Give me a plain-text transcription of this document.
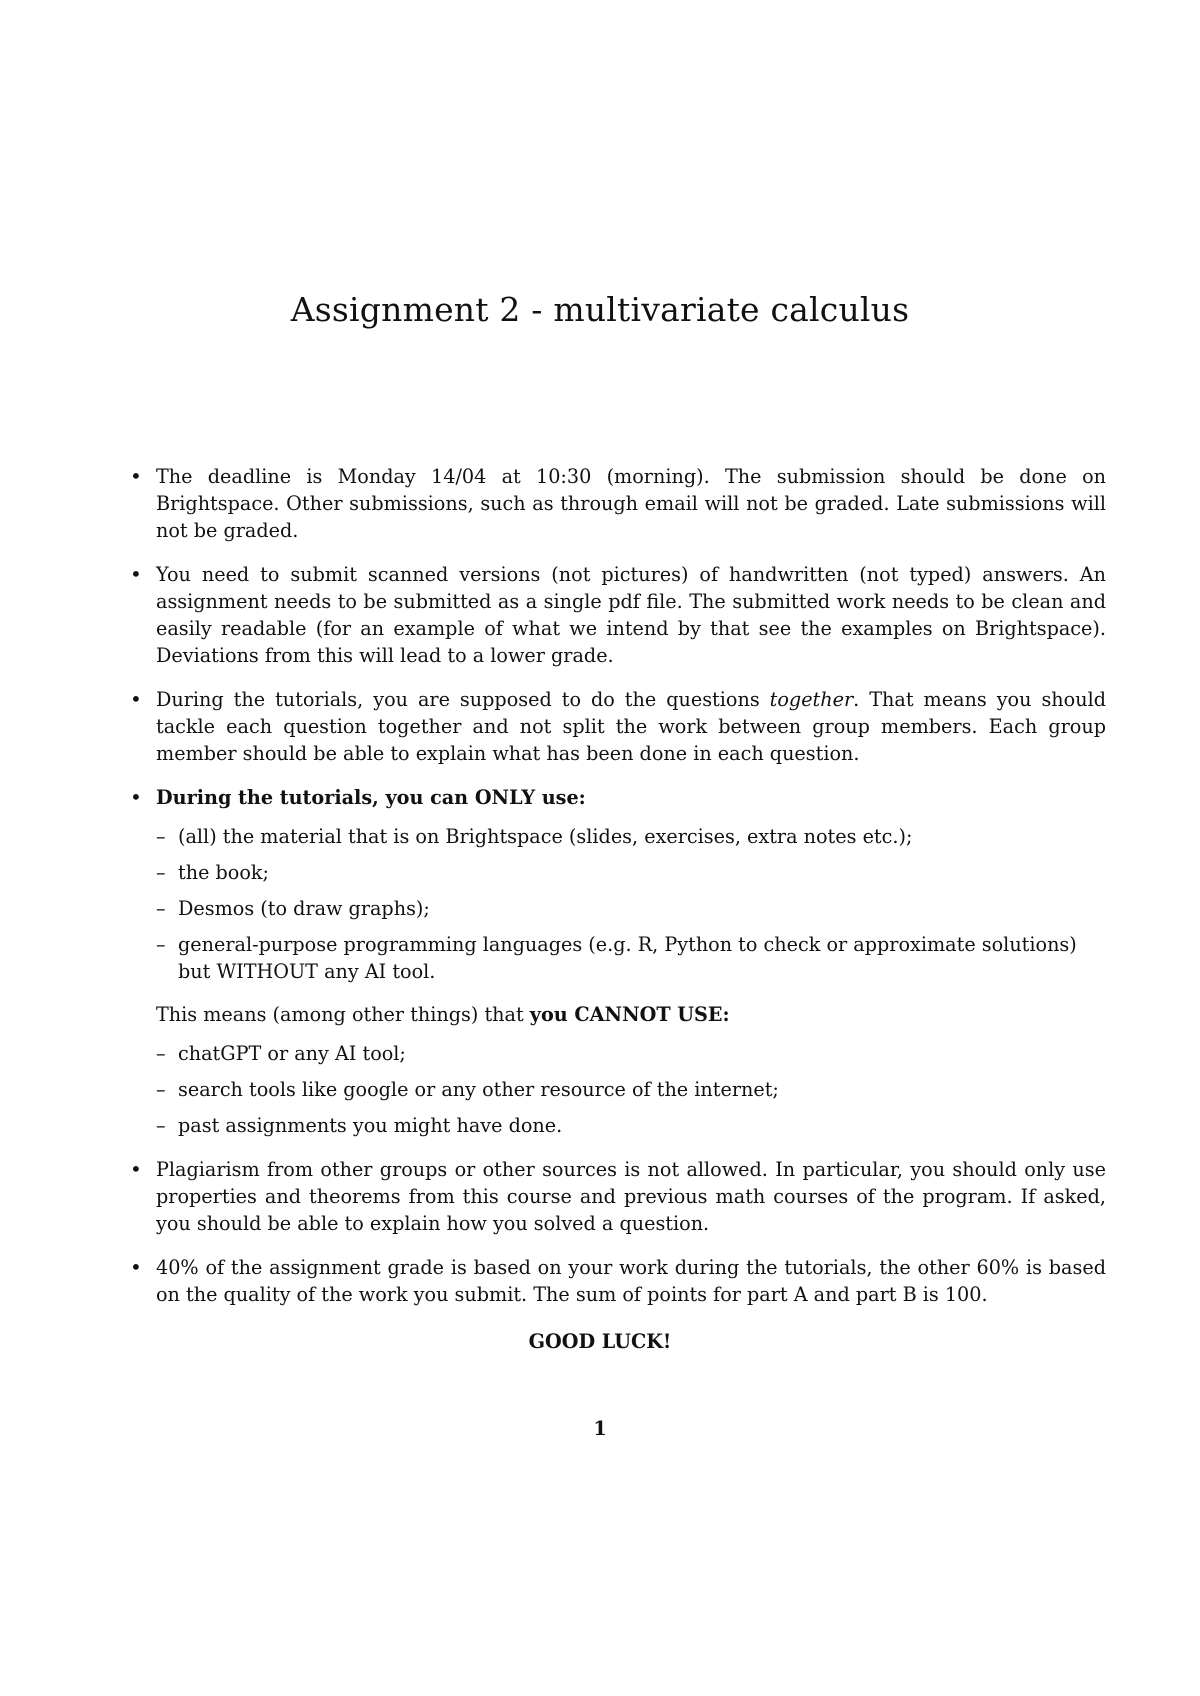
Assignment 2 - multivariate calculus
• The deadline is Monday 14/04 at 10:30 (morning). The submission should be done on Brightspace. Other submissions, such as through email will not be graded. Late submissions will not be graded.
• You need to submit scanned versions (not pictures) of handwritten (not typed) answers. An assignment needs to be submitted as a single pdf file. The submitted work needs to be clean and easily readable (for an example of what we intend by that see the examples on Brightspace). Deviations from this will lead to a lower grade.
• During the tutorials, you are supposed to do the questions together. That means you should tackle each question together and not split the work between group members. Each group member should be able to explain what has been done in each question.
• During the tutorials, you can ONLY use:
– (all) the material that is on Brightspace (slides, exercises, extra notes etc.);
– the book;
– Desmos (to draw graphs);
– general-purpose programming languages (e.g. R, Python to check or approximate solutions) but WITHOUT any AI tool.
This means (among other things) that you CANNOT USE:
– chatGPT or any AI tool;
– search tools like google or any other resource of the internet;
– past assignments you might have done.
• Plagiarism from other groups or other sources is not allowed. In particular, you should only use properties and theorems from this course and previous math courses of the program. If asked, you should be able to explain how you solved a question.
• 40% of the assignment grade is based on your work during the tutorials, the other 60% is based on the quality of the work you submit. The sum of points for part A and part B is 100.
GOOD LUCK!
1
